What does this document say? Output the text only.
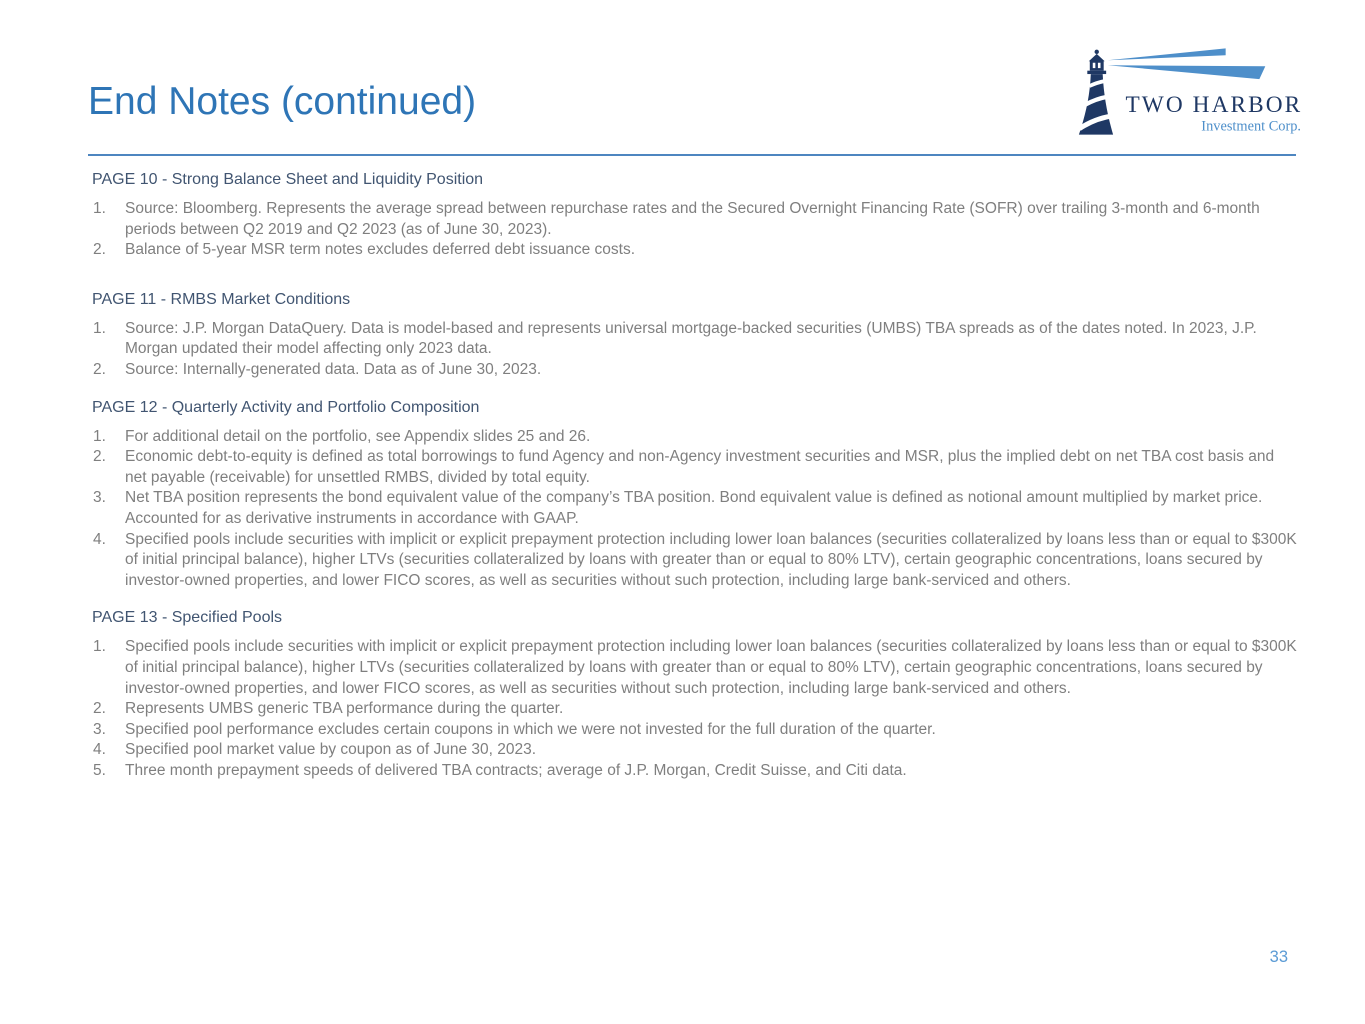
End Notes (continued)	TWO HARBORS
Investment Corp.
PAGE 10 - Strong Balance Sheet and Liquidity Position
1.	Source: Bloomberg. Represents the average spread between repurchase rates and the Secured Overnight Financing Rate (SOFR) over trailing 3-month and 6-month periods between Q2 2019 and Q2 2023 (as of June 30, 2023).
2.	Balance of 5-year MSR term notes excludes deferred debt issuance costs.
PAGE 11 - RMBS Market Conditions
1.	Source: J.P. Morgan DataQuery. Data is model-based and represents universal mortgage-backed securities (UMBS) TBA spreads as of the dates noted. In 2023, J.P. Morgan updated their model affecting only 2023 data.
2.	Source: Internally-generated data. Data as of June 30, 2023.
PAGE 12 - Quarterly Activity and Portfolio Composition
1.	For additional detail on the portfolio, see Appendix slides 25 and 26.
2.	Economic debt-to-equity is defined as total borrowings to fund Agency and non-Agency investment securities and MSR, plus the implied debt on net TBA cost basis and net payable (receivable) for unsettled RMBS, divided by total equity.
3.	Net TBA position represents the bond equivalent value of the company’s TBA position. Bond equivalent value is defined as notional amount multiplied by market price. Accounted for as derivative instruments in accordance with GAAP.
4.	Specified pools include securities with implicit or explicit prepayment protection including lower loan balances (securities collateralized by loans less than or equal to $300K of initial principal balance), higher LTVs (securities collateralized by loans with greater than or equal to 80% LTV), certain geographic concentrations, loans secured by investor-owned properties, and lower FICO scores, as well as securities without such protection, including large bank-serviced and others.
PAGE 13 - Specified Pools
1.	Specified pools include securities with implicit or explicit prepayment protection including lower loan balances (securities collateralized by loans less than or equal to $300K of initial principal balance), higher LTVs (securities collateralized by loans with greater than or equal to 80% LTV), certain geographic concentrations, loans secured by investor-owned properties, and lower FICO scores, as well as securities without such protection, including large bank-serviced and others.
2.	Represents UMBS generic TBA performance during the quarter.
3.	Specified pool performance excludes certain coupons in which we were not invested for the full duration of the quarter.
4.	Specified pool market value by coupon as of June 30, 2023.
5.	Three month prepayment speeds of delivered TBA contracts; average of J.P. Morgan, Credit Suisse, and Citi data.
33
